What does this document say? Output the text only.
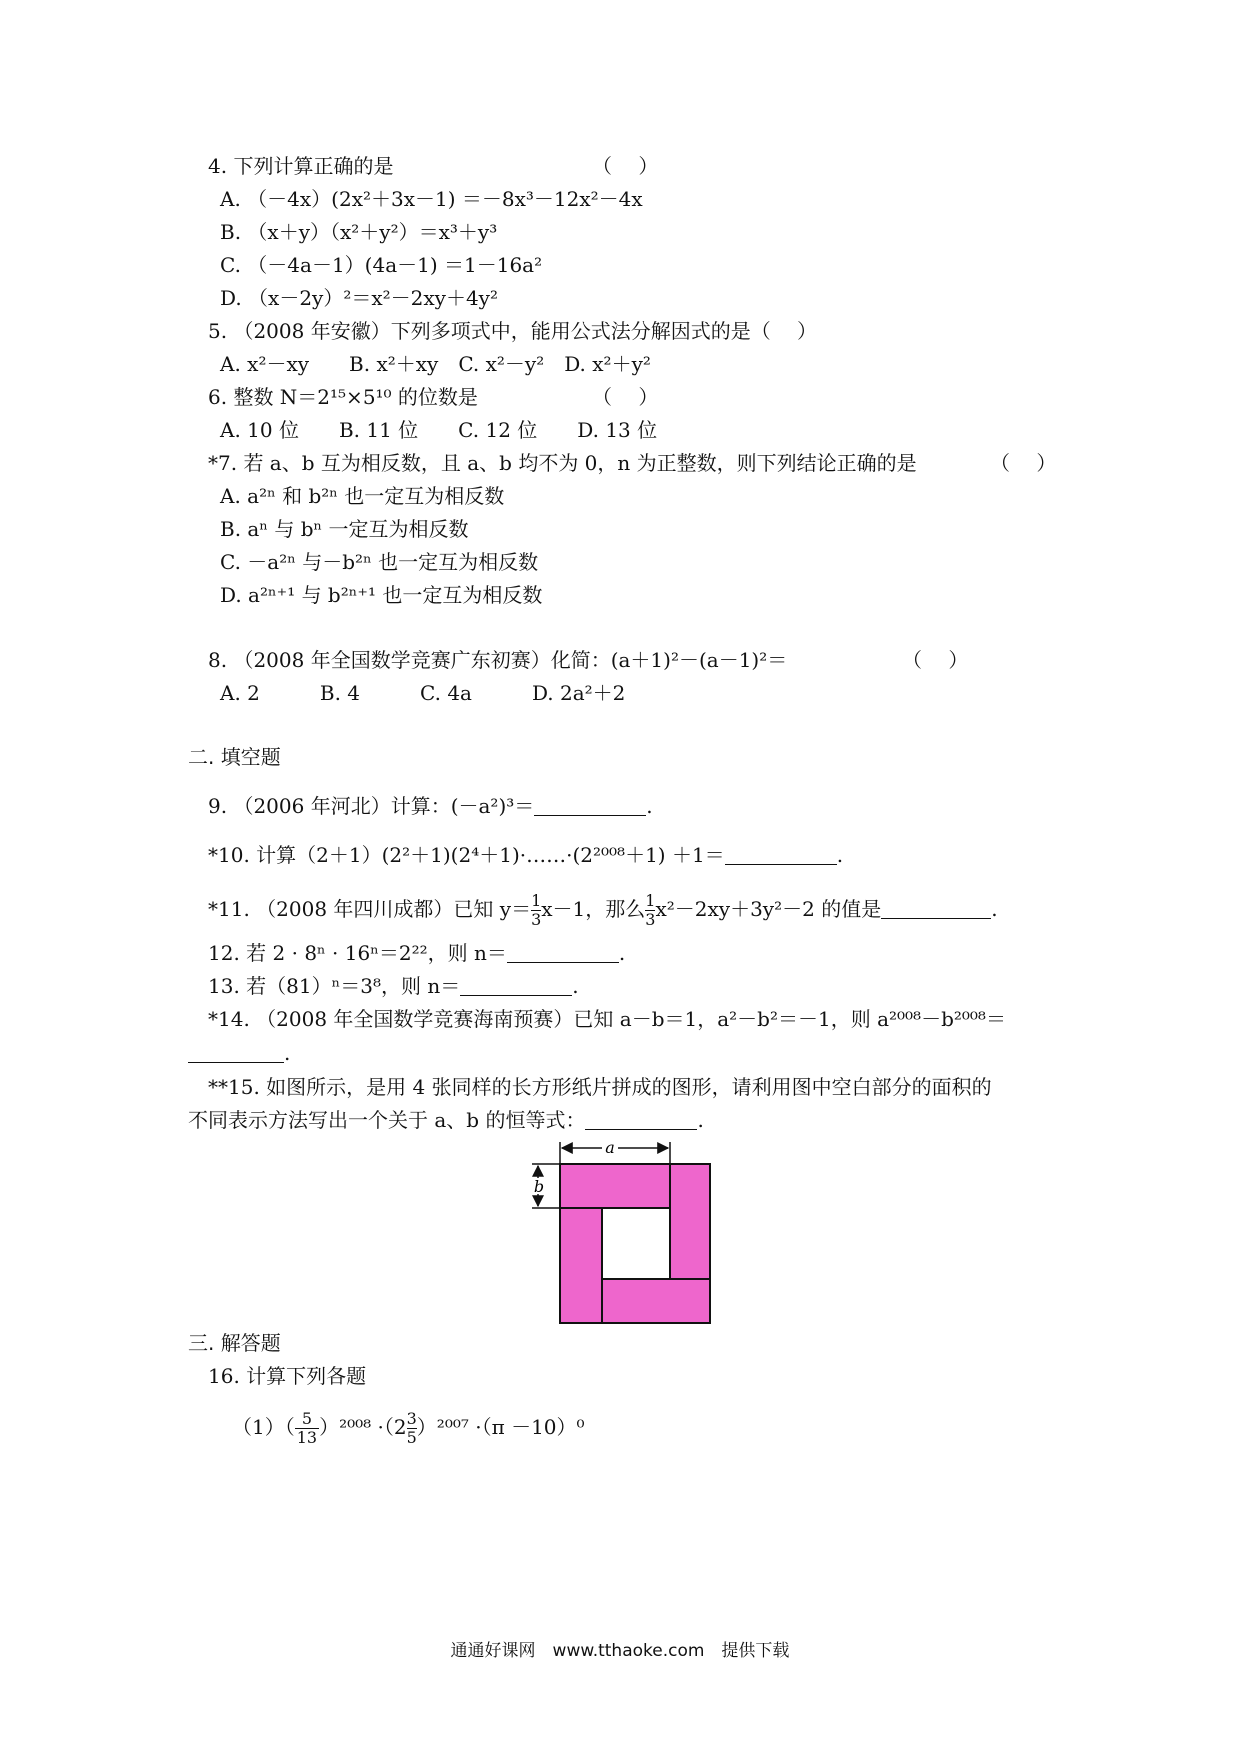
4. 下列计算正确的是	（　 ）
A. （－4x）(2x²＋3x－1) ＝－8x³－12x²－4x
B. （x＋y）（x²＋y²）＝x³＋y³
C. （－4a－1）(4a－1) ＝1－16a²
D. （x－2y）²＝x²－2xy＋4y²
5. （2008 年安徽）下列多项式中，能用公式法分解因式的是（　 ）
A. x²－xy　　B. x²＋xy　C. x²－y²　D. x²＋y²
6. 整数 N＝2¹⁵×5¹⁰ 的位数是	（　 ）
A. 10 位　　B. 11 位　　C. 12 位　　D. 13 位
*7. 若 a、b 互为相反数，且 a、b 均不为 0，n 为正整数，则下列结论正确的是	（　 ）
A. a²ⁿ 和 b²ⁿ 也一定互为相反数
B. aⁿ 与 bⁿ 一定互为相反数
C. －a²ⁿ 与－b²ⁿ 也一定互为相反数
D. a²ⁿ⁺¹ 与 b²ⁿ⁺¹ 也一定互为相反数
8. （2008 年全国数学竞赛广东初赛）化简：(a＋1)²－(a－1)²＝	（　 ）
A. 2　　　B. 4　　　C. 4a　　　D. 2a²＋2
二. 填空题
9. （2006 年河北）计算：(－a²)³＝	.
*10. 计算（2＋1）(2²＋1)(2⁴＋1)·……·(2²⁰⁰⁸＋1) ＋1＝	.
*11. （2008 年四川成都）已知 $y= \frac{1}{3} x-1$，那么 $\frac{1}{3} x^2-2xy+3y^2-2$ 的值是	.
12. 若 2 · 8ⁿ · 16ⁿ＝2²²，则 n＝	.
13. 若（81）ⁿ＝3⁸，则 n＝	.
*14. （2008 年全国数学竞赛海南预赛）已知 a－b＝1，a²－b²＝－1，则 a²⁰⁰⁸－b²⁰⁰⁸＝
.
**15. 如图所示，是用 4 张同样的长方形纸片拼成的图形，请利用图中空白部分的面积的
不同表示方法写出一个关于 a、b 的恒等式：	.
a
b
三. 解答题
16. 计算下列各题
$(1)( \frac{5}{13} )^{2008} \cdot(2 \frac{3}{5} )^{2007} \cdot(\pi -10)^0$
通通好课网　www.tthaoke.com　提供下载
